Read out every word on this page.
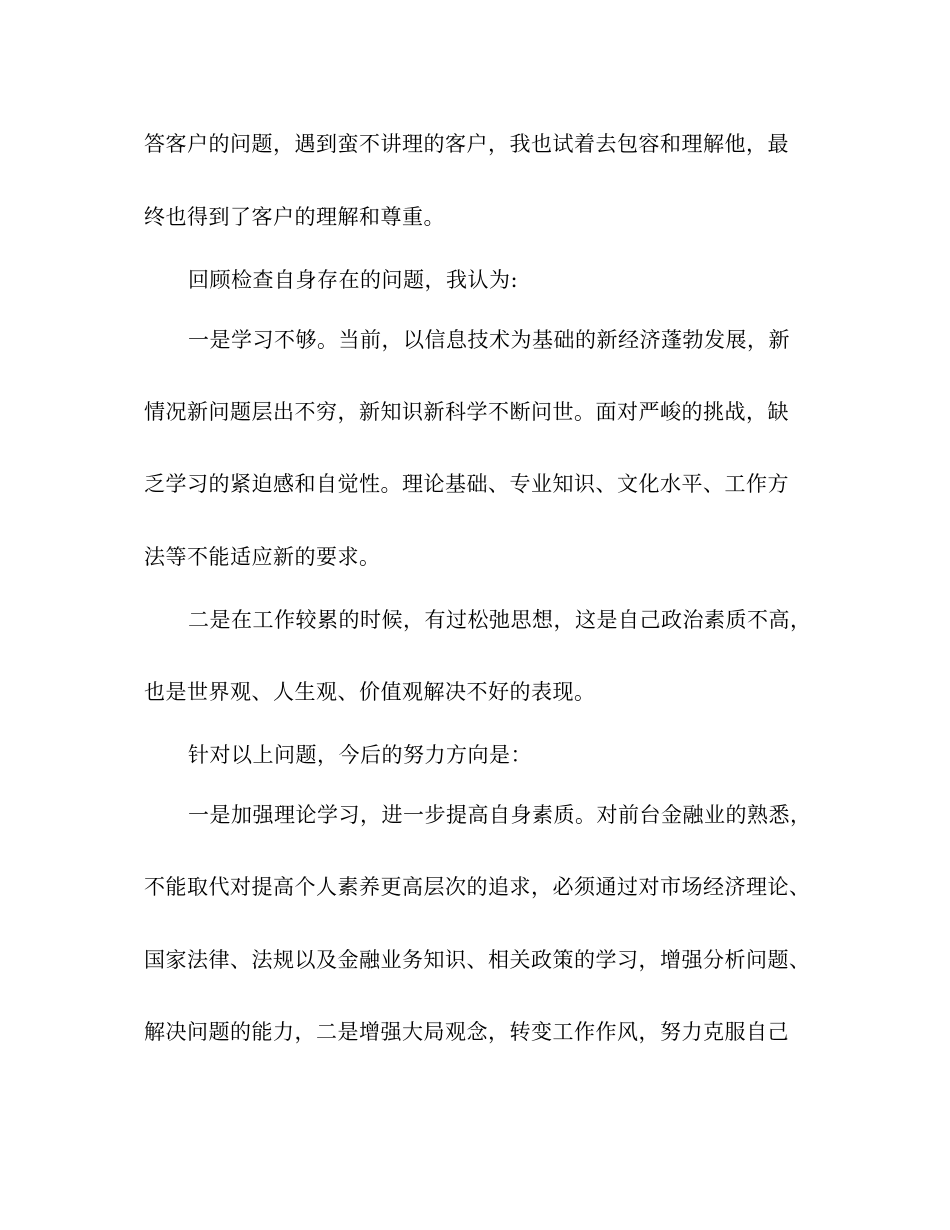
答客户的问题，遇到蛮不讲理的客户，我也试着去包容和理解他，最
终也得到了客户的理解和尊重。
回顾检查自身存在的问题，我认为:
一是学习不够。当前，以信息技术为基础的新经济蓬勃发展，新
情况新问题层出不穷，新知识新科学不断问世。面对严峻的挑战，缺
乏学习的紧迫感和自觉性。理论基础、专业知识、文化水平、工作方
法等不能适应新的要求。
二是在工作较累的时候，有过松弛思想，这是自己政治素质不高，
也是世界观、人生观、价值观解决不好的表现。
针对以上问题，今后的努力方向是：
一是加强理论学习，进一步提高自身素质。对前台金融业的熟悉，
不能取代对提高个人素养更高层次的追求，必须通过对市场经济理论、
国家法律、法规以及金融业务知识、相关政策的学习，增强分析问题、
解决问题的能力，二是增强大局观念，转变工作作风，努力克服自己
